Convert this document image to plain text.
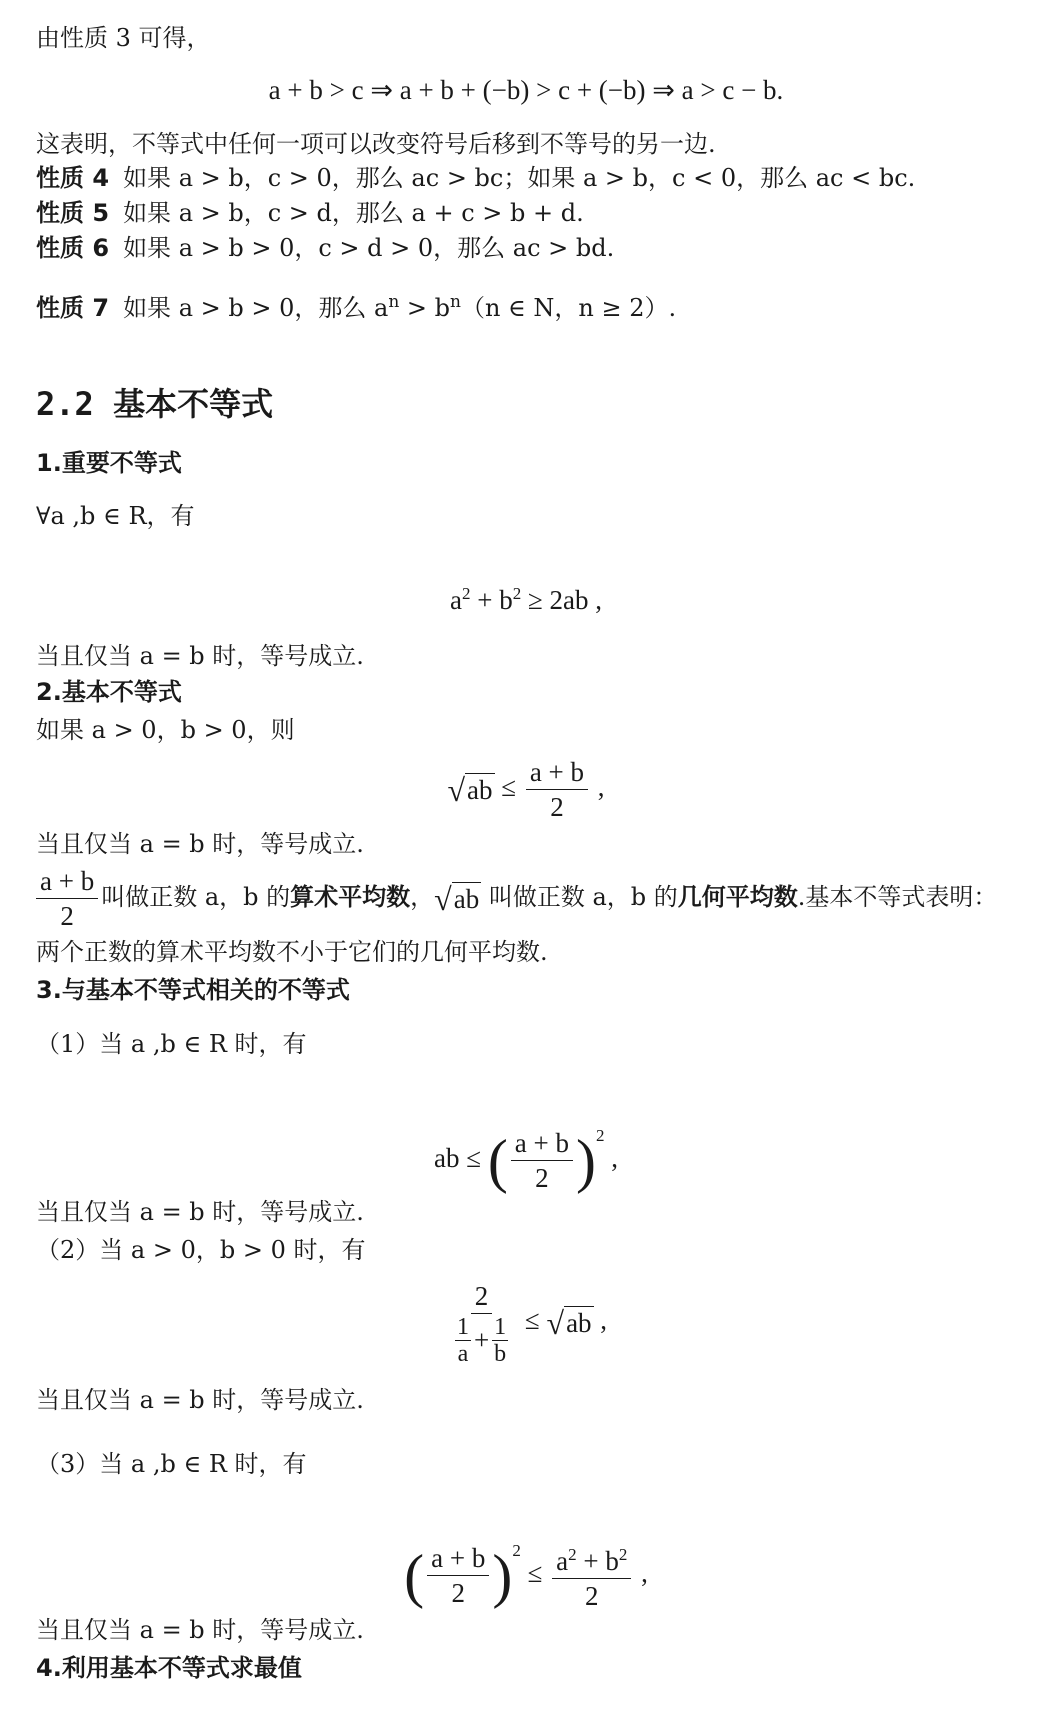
由性质 3 可得，
a + b > c ⇒ a + b + (−b) > c + (−b) ⇒ a > c − b.
这表明，不等式中任何一项可以改变符号后移到不等号的另一边.
性质 4 如果 a > b，c > 0，那么 ac > bc；如果 a > b，c < 0，那么 ac < bc.
性质 5 如果 a > b，c > d，那么 a + c > b + d.
性质 6 如果 a > b > 0，c > d > 0，那么 ac > bd.
性质 7 如果 a > b > 0，那么 $a^n > b^n(n$ ∈ N，n ≥ 2）.
2.2 基本不等式
1.重要不等式
∀a ,b ∈ R，有
$a^2 + b^2 \ge 2ab$ ,
当且仅当 a = b 时，等号成立.
2.基本不等式
如果 a > 0，b > 0，则
√ ab ≤ $\frac{a + b}{2}$ ,
当且仅当 a = b 时，等号成立.
$\frac{a + b}{2}$ 叫做正数 a，b 的算术平均数， √ ab 叫做正数 a，b 的几何平均数.基本不等式表明：
两个正数的算术平均数不小于它们的几何平均数.
3.与基本不等式相关的不等式
（1）当 a ,b ∈ R 时，有
ab ≤ ( $\frac{a + b}{2} )^2$ ,
当且仅当 a = b 时，等号成立.
（2）当 a > 0，b > 0 时，有
$\frac{2}{\frac{1}{a} + \frac{1}{b}}$ ≤ √ ab ,
当且仅当 a = b 时，等号成立.
（3）当 a ,b ∈ R 时，有
( $\frac{a + b}{2} )^2 \le \frac{a^2 + b^2}{2}$ ,
当且仅当 a = b 时，等号成立.
4.利用基本不等式求最值
